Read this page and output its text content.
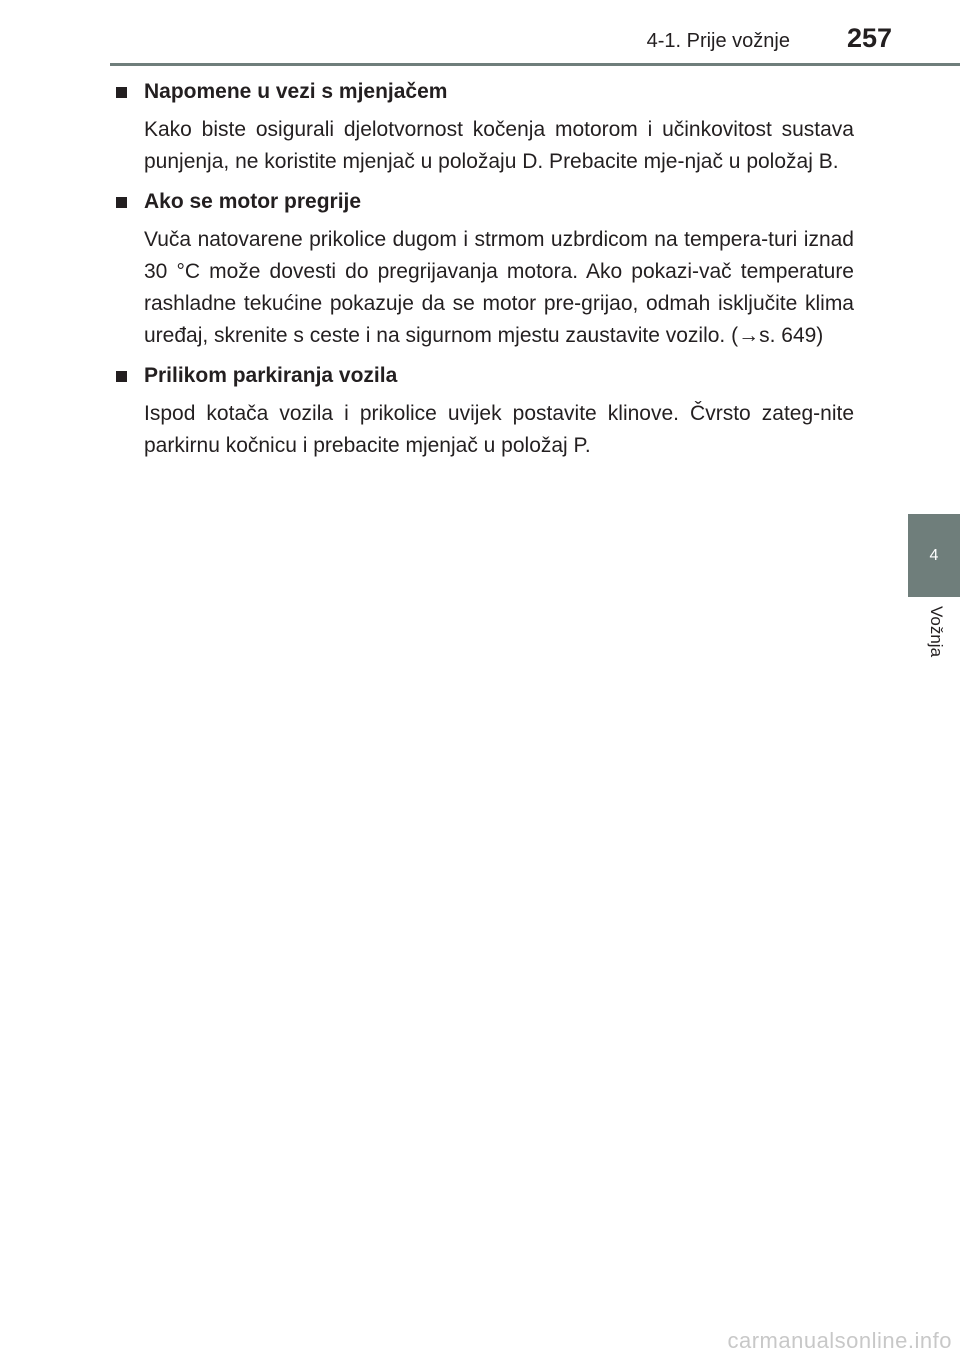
4-1. Prije vožnje 257
4
Vožnja
Napomene u vezi s mjenjačem

Kako biste osigurali djelotvornost kočenja motorom i učinkovitost sustava punjenja, ne koristite mjenjač u položaju D. Prebacite mje-njač u položaj B.

Ako se motor pregrije

Vuča natovarene prikolice dugom i strmom uzbrdicom na tempera-turi iznad 30 °C može dovesti do pregrijavanja motora. Ako pokazi-vač temperature rashladne tekućine pokazuje da se motor pre-grijao, odmah isključite klima uređaj, skrenite s ceste i na sigurnom mjestu zaustavite vozilo. (→s. 649)

Prilikom parkiranja vozila

Ispod kotača vozila i prikolice uvijek postavite klinove. Čvrsto zateg-nite parkirnu kočnicu i prebacite mjenjač u položaj P.

carmanualsonline.info
